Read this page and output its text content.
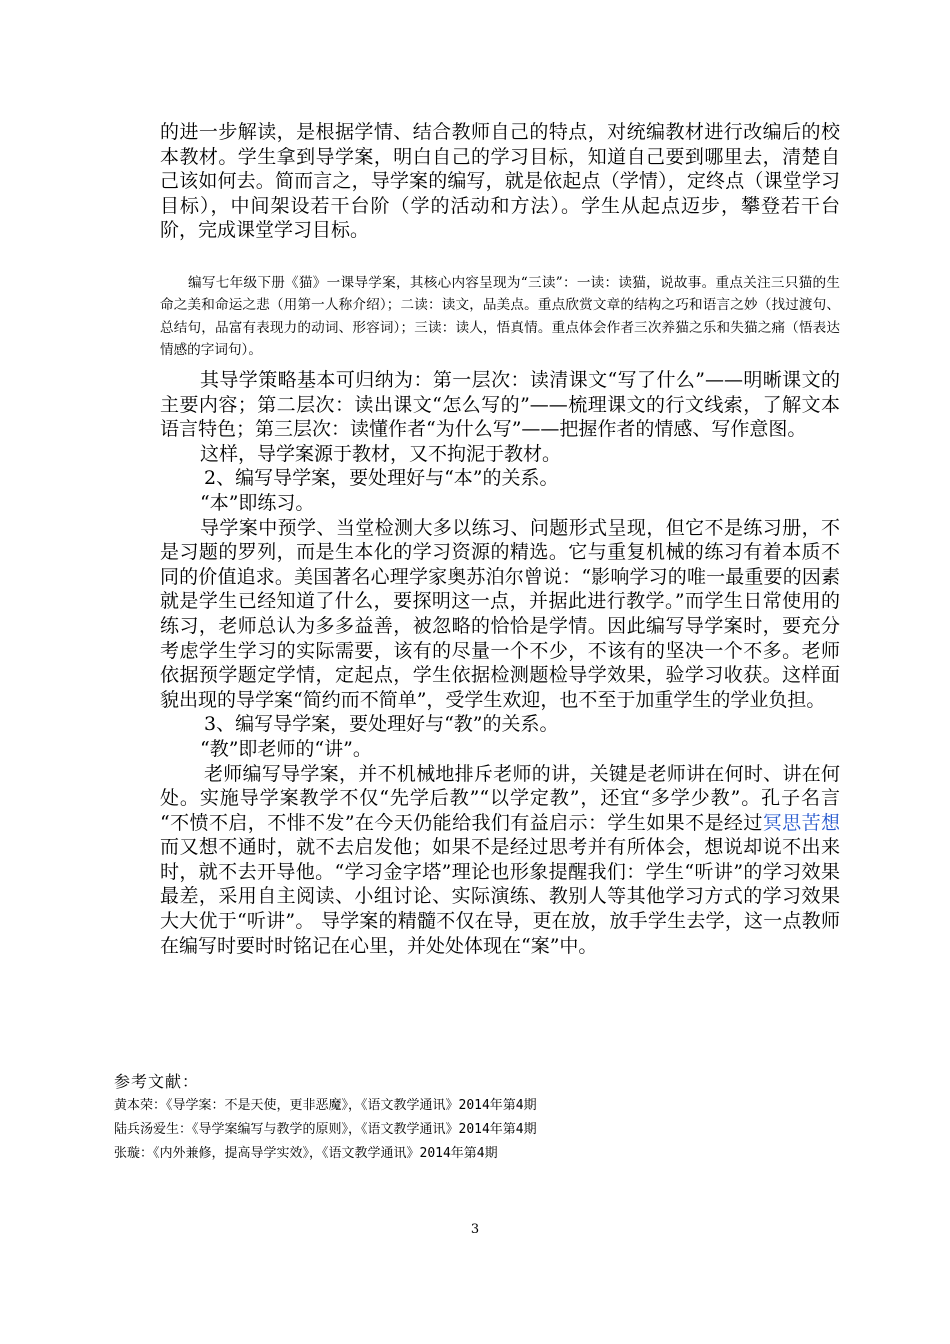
的进一步解读，是根据学情、结合教师自己的特点，对统编教材进行改编后的校本教材。学生拿到导学案，明白自己的学习目标，知道自己要到哪里去，清楚自己该如何去。简而言之，导学案的编写，就是依起点（学情），定终点（课堂学习目标），中间架设若干台阶（学的活动和方法）。学生从起点迈步，攀登若干台阶，完成课堂学习目标。

编写七年级下册《猫》一课导学案，其核心内容呈现为“三读”：一读：读猫，说故事。重点关注三只猫的生命之美和命运之悲（用第一人称介绍）；二读：读文，品美点。重点欣赏文章的结构之巧和语言之妙（找过渡句、总结句，品富有表现力的动词、形容词）；三读：读人，悟真情。重点体会作者三次养猫之乐和失猫之痛（悟表达情感的字词句）。

其导学策略基本可归纳为：第一层次：读清课文“写了什么”——明晰课文的主要内容；第二层次：读出课文“怎么写的”——梳理课文的行文线索，了解文本语言特色；第三层次：读懂作者“为什么写”——把握作者的情感、写作意图。

这样，导学案源于教材，又不拘泥于教材。

2、编写导学案，要处理好与“本”的关系。

“本”即练习。

导学案中预学、当堂检测大多以练习、问题形式呈现，但它不是练习册，不是习题的罗列，而是生本化的学习资源的精选。它与重复机械的练习有着本质不同的价值追求。美国著名心理学家奥苏泊尔曾说：“影响学习的唯一最重要的因素就是学生已经知道了什么，要探明这一点，并据此进行教学。”而学生日常使用的练习，老师总认为多多益善，被忽略的恰恰是学情。因此编写导学案时，要充分考虑学生学习的实际需要，该有的尽量一个不少，不该有的坚决一个不多。老师依据预学题定学情，定起点，学生依据检测题检导学效果，验学习收获。这样面貌出现的导学案“简约而不简单”，受学生欢迎，也不至于加重学生的学业负担。

3、编写导学案，要处理好与“教”的关系。

“教”即老师的“讲”。

老师编写导学案，并不机械地排斥老师的讲，关键是老师讲在何时、讲在何处。实施导学案教学不仅“先学后教”“以学定教”，还宜“多学少教”。孔子名言 “不愤不启，不悱不发”在今天仍能给我们有益启示：学生如果不是经过冥思苦想而又想不通时，就不去启发他；如果不是经过思考并有所体会，想说却说不出来时，就不去开导他。“学习金字塔”理论也形象提醒我们：学生“听讲”的学习效果最差，采用自主阅读、小组讨论、实际演练、教别人等其他学习方式的学习效果大大优于“听讲”。 导学案的精髓不仅在导，更在放，放手学生去学，这一点教师在编写时要时时铭记在心里，并处处体现在“案”中。

参考文献：

黄本荣：《导学案：不是天使，更非恶魔》，《语文教学通讯》2014年第4期

陆兵汤爱生：《导学案编写与教学的原则》，《语文教学通讯》2014年第4期

张璇：《内外兼修，提高导学实效》，《语文教学通讯》2014年第4期

3
